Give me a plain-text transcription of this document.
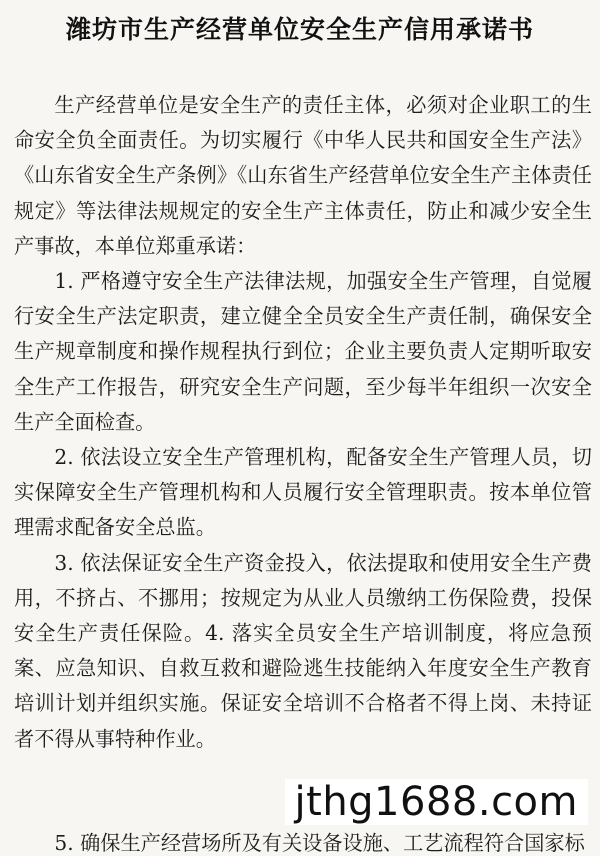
潍坊市生产经营单位安全生产信用承诺书

生产经营单位是安全生产的责任主体，必须对企业职工的生命安全负全面责任。为切实履行《中华人民共和国安全生产法》《山东省安全生产条例》《山东省生产经营单位安全生产主体责任规定》等法律法规规定的安全生产主体责任，防止和减少安全生产事故，本单位郑重承诺：

1. 严格遵守安全生产法律法规，加强安全生产管理，自觉履行安全生产法定职责，建立健全全员安全生产责任制，确保安全生产规章制度和操作规程执行到位；企业主要负责人定期听取安全生产工作报告，研究安全生产问题，至少每半年组织一次安全生产全面检查。

2. 依法设立安全生产管理机构，配备安全生产管理人员，切实保障安全生产管理机构和人员履行安全管理职责。按本单位管理需求配备安全总监。

3. 依法保证安全生产资金投入，依法提取和使用安全生产费用，不挤占、不挪用；按规定为从业人员缴纳工伤保险费，投保安全生产责任保险。4. 落实全员安全生产培训制度，将应急预案、应急知识、自救互救和避险逃生技能纳入年度安全生产教育培训计划并组织实施。保证安全培训不合格者不得上岗、未持证者不得从事特种作业。

5. 确保生产经营场所及有关设备设施、工艺流程符合国家标
jthg1688.com
